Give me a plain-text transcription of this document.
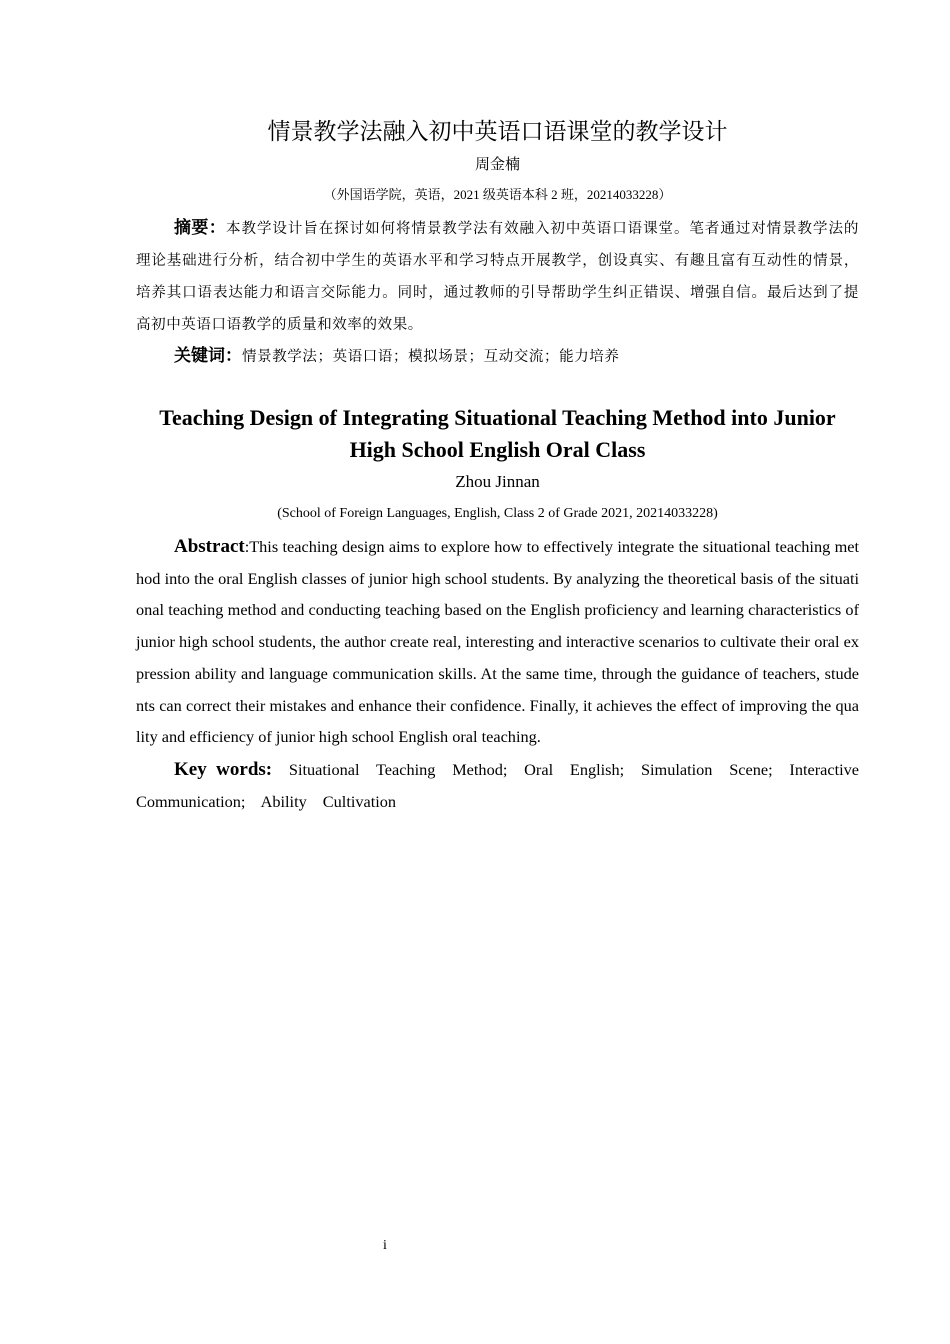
情景教学法融入初中英语口语课堂的教学设计
周金楠
（外国语学院，英语，2021 级英语本科 2 班，20214033228）

摘要：本教学设计旨在探讨如何将情景教学法有效融入初中英语口语课堂。笔者通过对情景教学法的理论基础进行分析，结合初中学生的英语水平和学习特点开展教学，创设真实、有趣且富有互动性的情景，培养其口语表达能力和语言交际能力。同时，通过教师的引导帮助学生纠正错误、增强自信。最后达到了提高初中英语口语教学的质量和效率的效果。

关键词：情景教学法；英语口语；模拟场景；互动交流；能力培养

Teaching Design of Integrating Situational Teaching Method into Junior High School English Oral Class
Zhou Jinnan
(School of Foreign Languages, English, Class 2 of Grade 2021, 20214033228)

Abstract:This teaching design aims to explore how to effectively integrate the situational teaching method into the oral English classes of junior high school students. By analyzing the theoretical basis of the situational teaching method and conducting teaching based on the English proficiency and learning characteristics of junior high school students, the author create real, interesting and interactive scenarios to cultivate their oral expression ability and language communication skills. At the same time, through the guidance of teachers, students can correct their mistakes and enhance their confidence. Finally, it achieves the effect of improving the quality and efficiency of junior high school English oral teaching.

Key words: Situational Teaching Method; Oral English; Simulation Scene; Interactive Communication; Ability Cultivation

i
